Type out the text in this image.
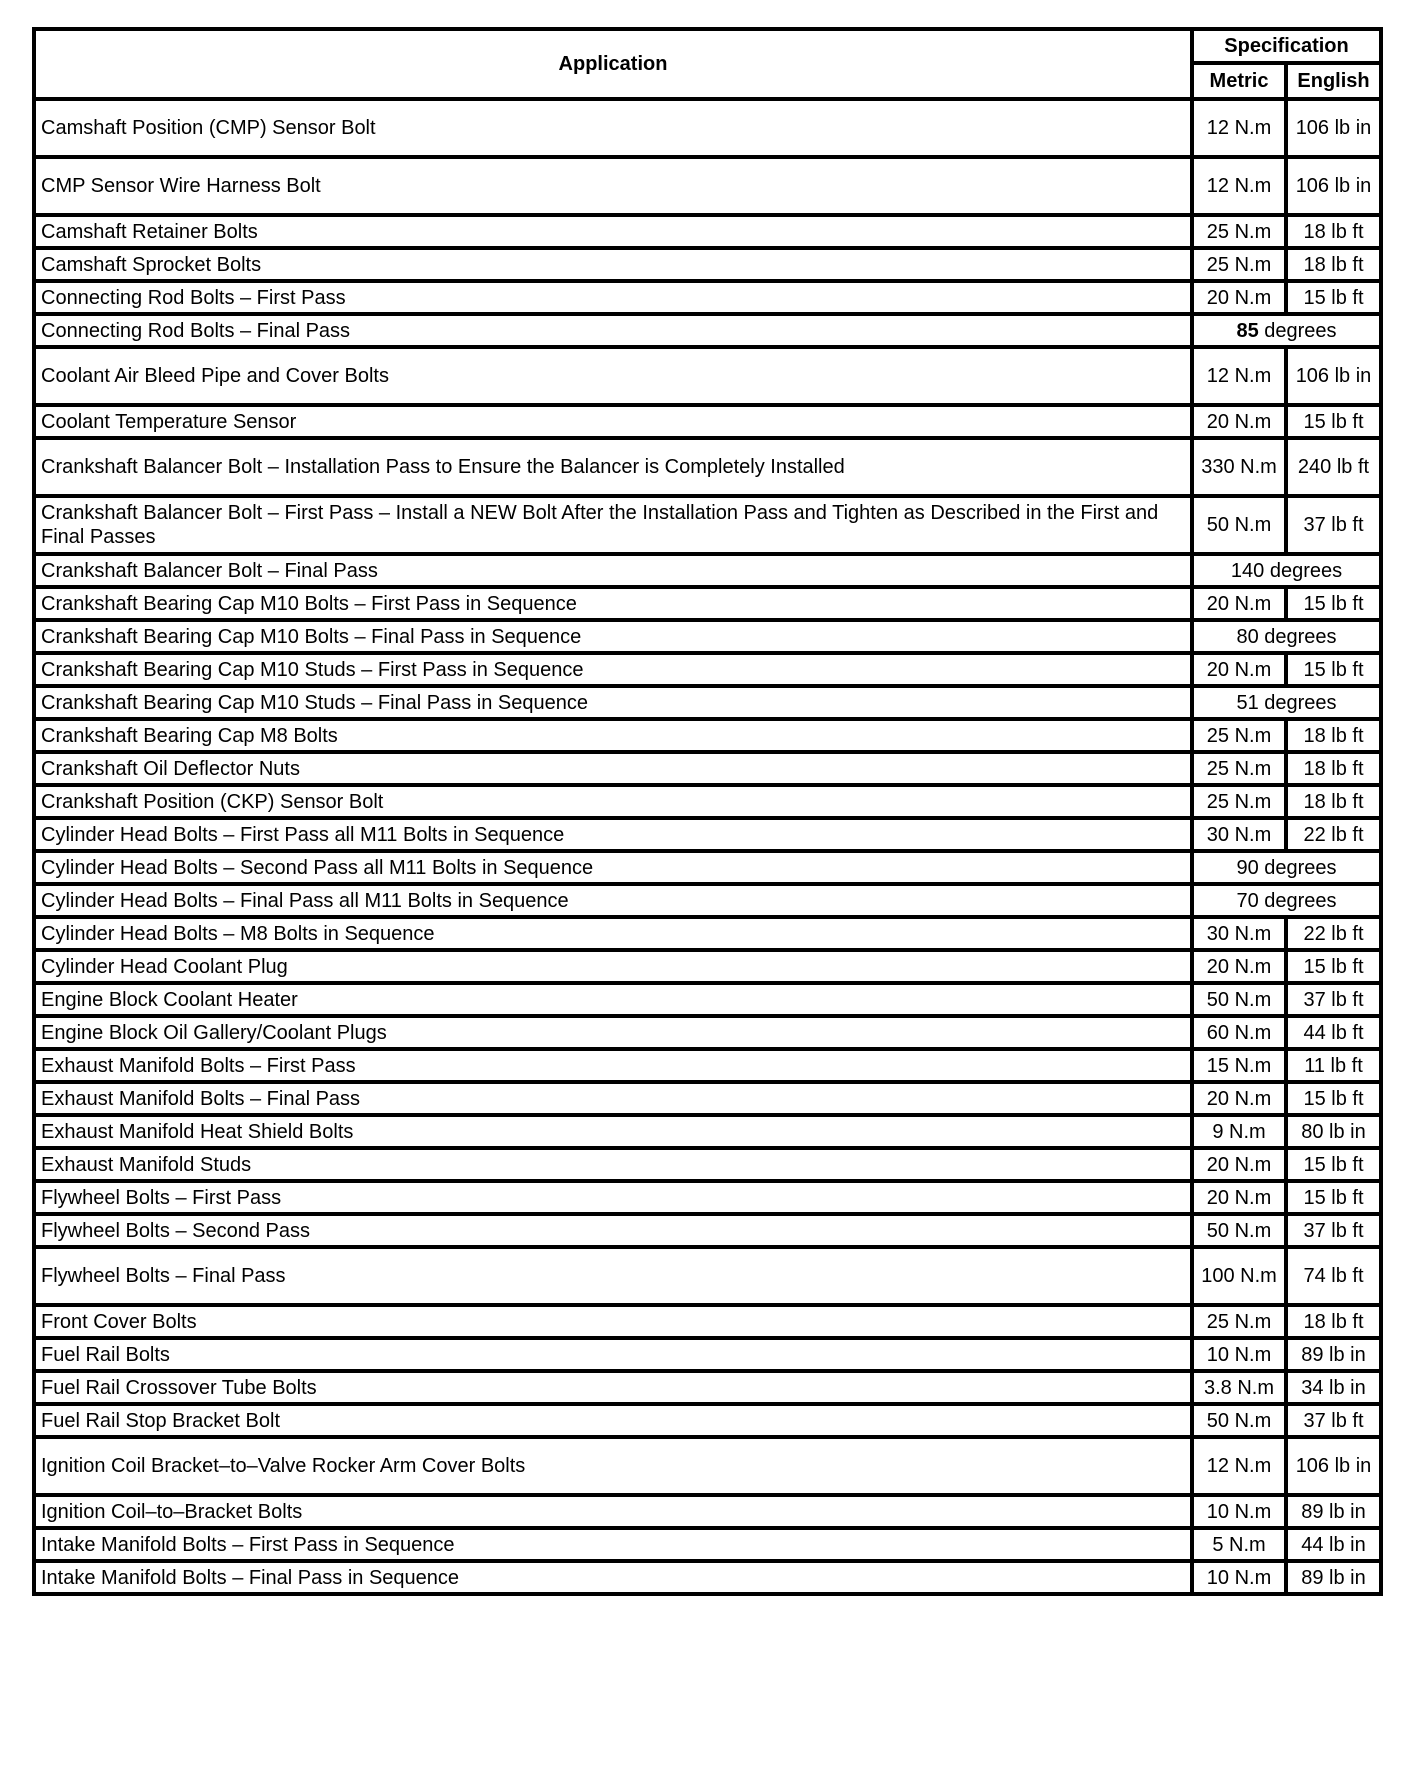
Application	Specification	
	Metric	English
Camshaft Position (CMP) Sensor Bolt	12 N.m	106 lb in
CMP Sensor Wire Harness Bolt	12 N.m	106 lb in
Camshaft Retainer Bolts	25 N.m	18 lb ft
Camshaft Sprocket Bolts	25 N.m	18 lb ft
Connecting Rod Bolts – First Pass	20 N.m	15 lb ft
Connecting Rod Bolts – Final Pass	85 degrees	
Coolant Air Bleed Pipe and Cover Bolts	12 N.m	106 lb in
Coolant Temperature Sensor	20 N.m	15 lb ft
Crankshaft Balancer Bolt – Installation Pass to Ensure the Balancer is Completely Installed	330 N.m	240 lb ft
Crankshaft Balancer Bolt – First Pass – Install a NEW Bolt After the Installation Pass and Tighten as Described in the First and Final Passes	50 N.m	37 lb ft
Crankshaft Balancer Bolt – Final Pass	140 degrees	
Crankshaft Bearing Cap M10 Bolts – First Pass in Sequence	20 N.m	15 lb ft
Crankshaft Bearing Cap M10 Bolts – Final Pass in Sequence	80 degrees	
Crankshaft Bearing Cap M10 Studs – First Pass in Sequence	20 N.m	15 lb ft
Crankshaft Bearing Cap M10 Studs – Final Pass in Sequence	51 degrees	
Crankshaft Bearing Cap M8 Bolts	25 N.m	18 lb ft
Crankshaft Oil Deflector Nuts	25 N.m	18 lb ft
Crankshaft Position (CKP) Sensor Bolt	25 N.m	18 lb ft
Cylinder Head Bolts – First Pass all M11 Bolts in Sequence	30 N.m	22 lb ft
Cylinder Head Bolts – Second Pass all M11 Bolts in Sequence	90 degrees	
Cylinder Head Bolts – Final Pass all M11 Bolts in Sequence	70 degrees	
Cylinder Head Bolts – M8 Bolts in Sequence	30 N.m	22 lb ft
Cylinder Head Coolant Plug	20 N.m	15 lb ft
Engine Block Coolant Heater	50 N.m	37 lb ft
Engine Block Oil Gallery/Coolant Plugs	60 N.m	44 lb ft
Exhaust Manifold Bolts – First Pass	15 N.m	11 lb ft
Exhaust Manifold Bolts – Final Pass	20 N.m	15 lb ft
Exhaust Manifold Heat Shield Bolts	9 N.m	80 lb in
Exhaust Manifold Studs	20 N.m	15 lb ft
Flywheel Bolts – First Pass	20 N.m	15 lb ft
Flywheel Bolts – Second Pass	50 N.m	37 lb ft
Flywheel Bolts – Final Pass	100 N.m	74 lb ft
Front Cover Bolts	25 N.m	18 lb ft
Fuel Rail Bolts	10 N.m	89 lb in
Fuel Rail Crossover Tube Bolts	3.8 N.m	34 lb in
Fuel Rail Stop Bracket Bolt	50 N.m	37 lb ft
Ignition Coil Bracket–to–Valve Rocker Arm Cover Bolts	12 N.m	106 lb in
Ignition Coil–to–Bracket Bolts	10 N.m	89 lb in
Intake Manifold Bolts – First Pass in Sequence	5 N.m	44 lb in
Intake Manifold Bolts – Final Pass in Sequence	10 N.m	89 lb in
